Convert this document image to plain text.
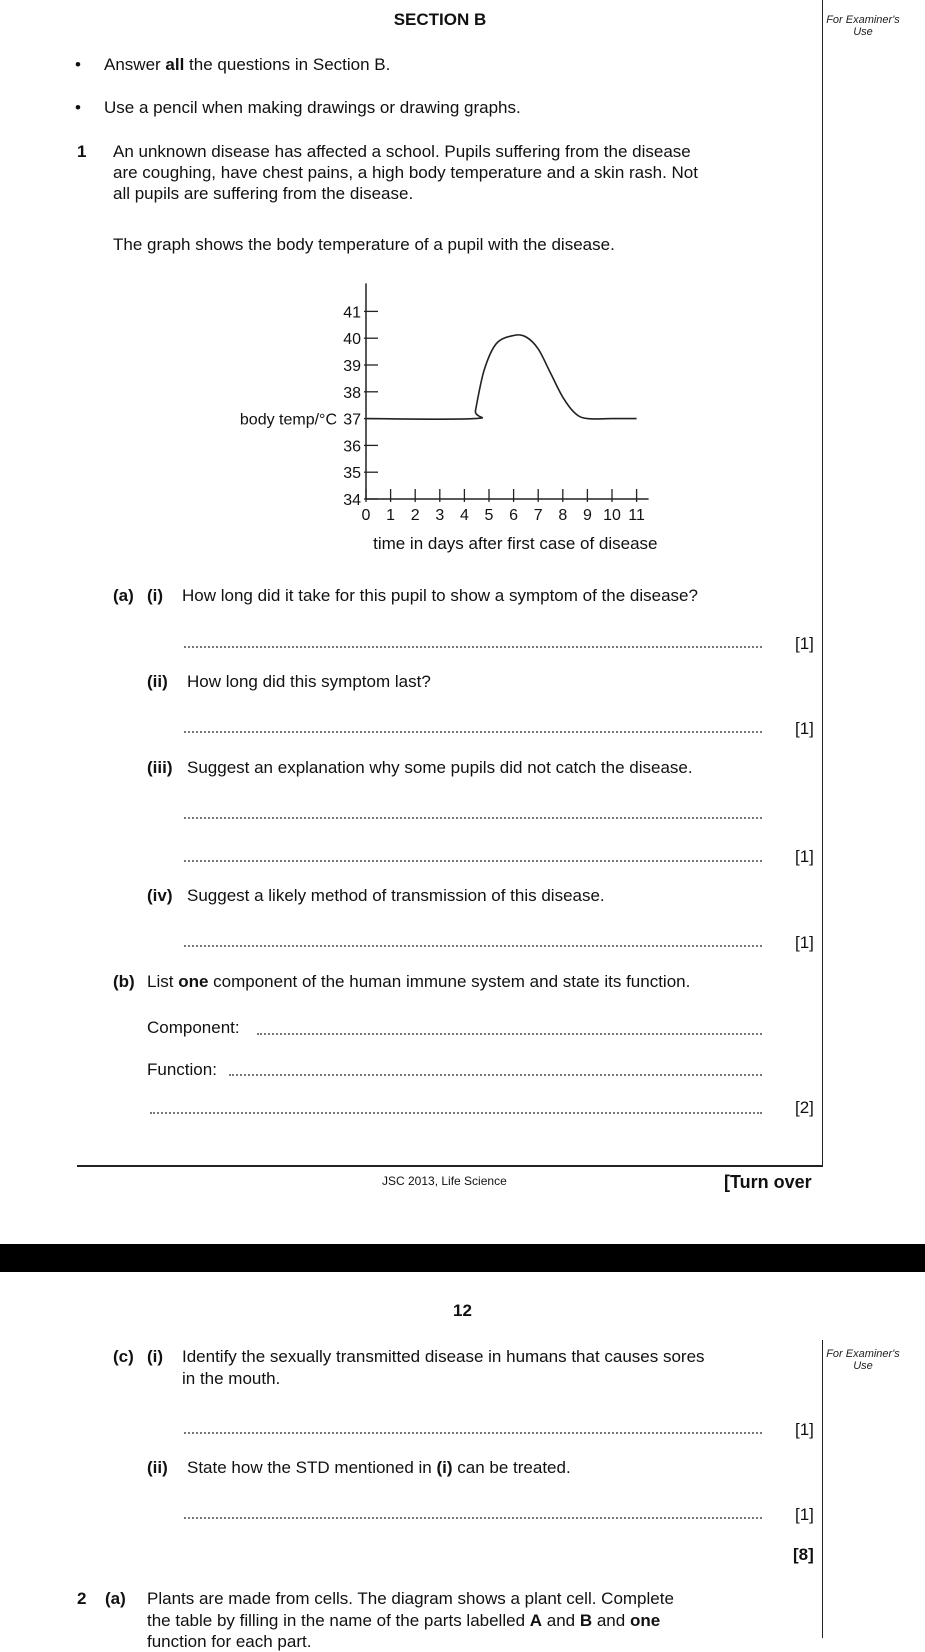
SECTION B	For Examiner's
Use
• Answer all the questions in Section B.
• Use a pencil when making drawings or drawing graphs.
1 An unknown disease has affected a school. Pupils suffering from the disease
are coughing, have chest pains, a high body temperature and a skin rash. Not
all pupils are suffering from the disease.
The graph shows the body temperature of a pupil with the disease.
34
35
36
37
38
39
40
41
0 1 2 3 4 5 6 7 8 9 10 11
body temp/°C
time in days after first case of disease
(a) (i) How long did it take for this pupil to show a symptom of the disease?
[1]
(ii) How long did this symptom last?
[1]
(iii) Suggest an explanation why some pupils did not catch the disease.
[1]
(iv) Suggest a likely method of transmission of this disease.
[1]
(b) List one component of the human immune system and state its function.
Component:
Function:
[2]
JSC 2013, Life Science	[Turn over
12
For Examiner's
Use
(c) (i) Identify the sexually transmitted disease in humans that causes sores
in the mouth.
[1]
(ii) State how the STD mentioned in (i) can be treated.
[1]
[8]
2 (a) Plants are made from cells. The diagram shows a plant cell. Complete
the table by filling in the name of the parts labelled A and B and one
function for each part.
